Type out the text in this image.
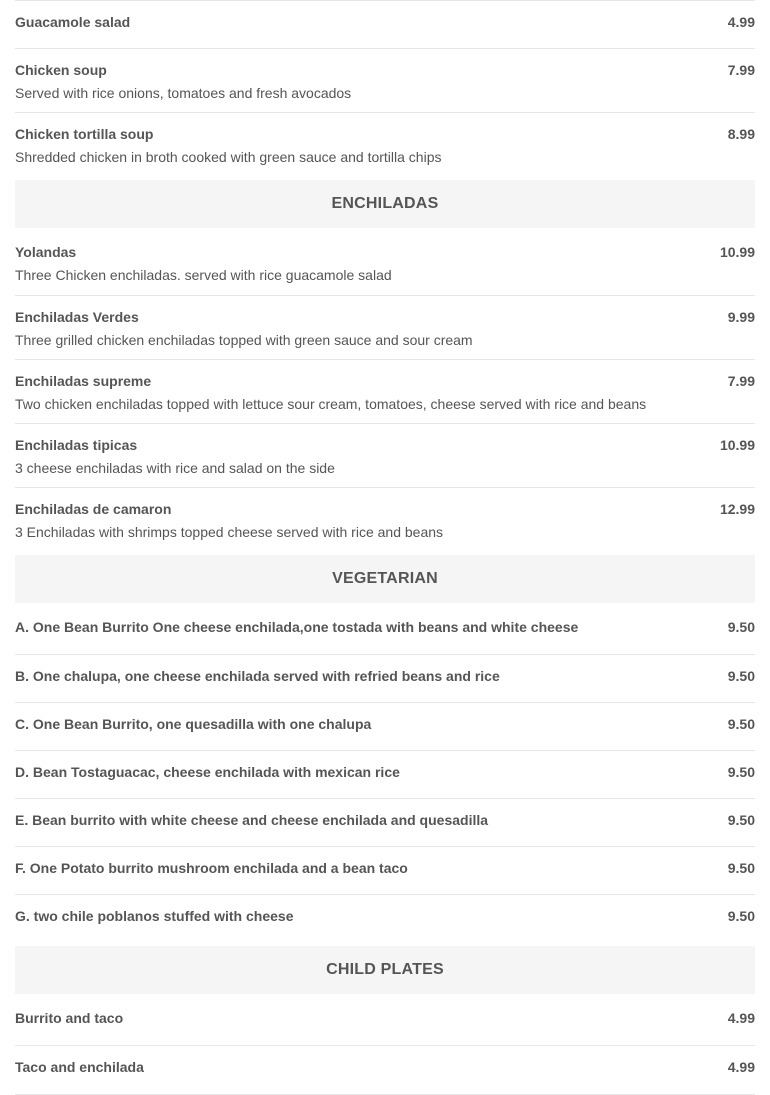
Guacamole salad	4.99
Chicken soup	7.99
Served with rice onions, tomatoes and fresh avocados
Chicken tortilla soup	8.99
Shredded chicken in broth cooked with green sauce and tortilla chips
ENCHILADAS
Yolandas	10.99
Three Chicken enchiladas. served with rice guacamole salad
Enchiladas Verdes	9.99
Three grilled chicken enchiladas topped with green sauce and sour cream
Enchiladas supreme	7.99
Two chicken enchiladas topped with lettuce sour cream, tomatoes, cheese served with rice and beans
Enchiladas tipicas	10.99
3 cheese enchiladas with rice and salad on the side
Enchiladas de camaron	12.99
3 Enchiladas with shrimps topped cheese served with rice and beans
VEGETARIAN
A. One Bean Burrito One cheese enchilada,one tostada with beans and white cheese	9.50
B. One chalupa, one cheese enchilada served with refried beans and rice	9.50
C. One Bean Burrito, one quesadilla with one chalupa	9.50
D. Bean Tostaguacac, cheese enchilada with mexican rice	9.50
E. Bean burrito with white cheese and cheese enchilada and quesadilla	9.50
F. One Potato burrito mushroom enchilada and a bean taco	9.50
G. two chile poblanos stuffed with cheese	9.50
CHILD PLATES
Burrito and taco	4.99
Taco and enchilada	4.99
